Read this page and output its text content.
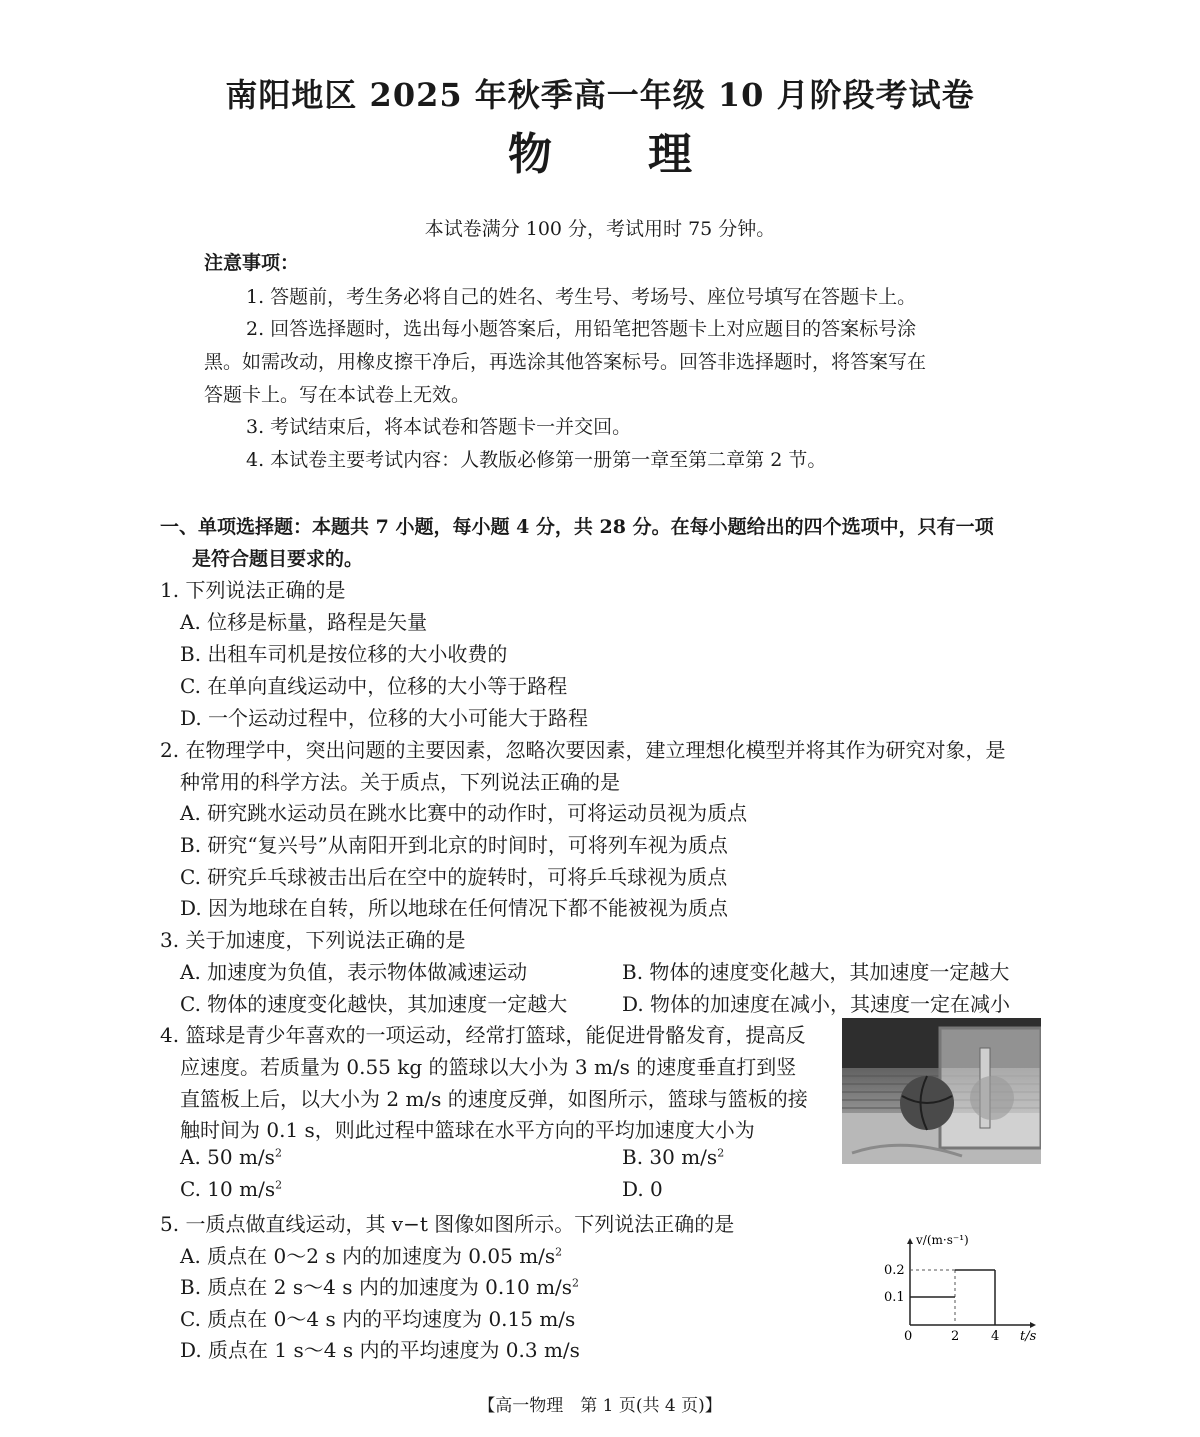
南阳地区 2025 年秋季高一年级 10 月阶段考试卷
物理
本试卷满分 100 分，考试用时 75 分钟。
注意事项：
1. 答题前，考生务必将自己的姓名、考生号、考场号、座位号填写在答题卡上。
2. 回答选择题时，选出每小题答案后，用铅笔把答题卡上对应题目的答案标号涂
黑。如需改动，用橡皮擦干净后，再选涂其他答案标号。回答非选择题时，将答案写在
答题卡上。写在本试卷上无效。
3. 考试结束后，将本试卷和答题卡一并交回。
4. 本试卷主要考试内容：人教版必修第一册第一章至第二章第 2 节。
一、单项选择题：本题共 7 小题，每小题 4 分，共 28 分。在每小题给出的四个选项中，只有一项
是符合题目要求的。
1. 下列说法正确的是
A. 位移是标量，路程是矢量
B. 出租车司机是按位移的大小收费的
C. 在单向直线运动中，位移的大小等于路程
D. 一个运动过程中，位移的大小可能大于路程
2. 在物理学中，突出问题的主要因素，忽略次要因素，建立理想化模型并将其作为研究对象，是
种常用的科学方法。关于质点，下列说法正确的是
A. 研究跳水运动员在跳水比赛中的动作时，可将运动员视为质点
B. 研究“复兴号”从南阳开到北京的时间时，可将列车视为质点
C. 研究乒乓球被击出后在空中的旋转时，可将乒乓球视为质点
D. 因为地球在自转，所以地球在任何情况下都不能被视为质点
3. 关于加速度，下列说法正确的是
A. 加速度为负值，表示物体做减速运动	B. 物体的速度变化越大，其加速度一定越大
C. 物体的速度变化越快，其加速度一定越大	D. 物体的加速度在减小，其速度一定在减小
4. 篮球是青少年喜欢的一项运动，经常打篮球，能促进骨骼发育，提高反
应速度。若质量为 0.55 kg 的篮球以大小为 3 m/s 的速度垂直打到竖
直篮板上后，以大小为 2 m/s 的速度反弹，如图所示，篮球与篮板的接
触时间为 0.1 s，则此过程中篮球在水平方向的平均加速度大小为
A. 50 $m/s^2$	B. 30 $m/s^2$
C. 10 $m/s^2$	D. 0
5. 一质点做直线运动，其 v−t 图像如图所示。下列说法正确的是
A. 质点在 0～2 s 内的加速度为 0.05 $m/s^2$
B. 质点在 2 s～4 s 内的加速度为 0.10 $m/s^2$
C. 质点在 0～4 s 内的平均速度为 0.15 m/s
D. 质点在 1 s～4 s 内的平均速度为 0.3 m/s
v/(m·s⁻¹)
0.2
0.1
0	2 4 t/s
【高一物理　第 1 页(共 4 页)】
